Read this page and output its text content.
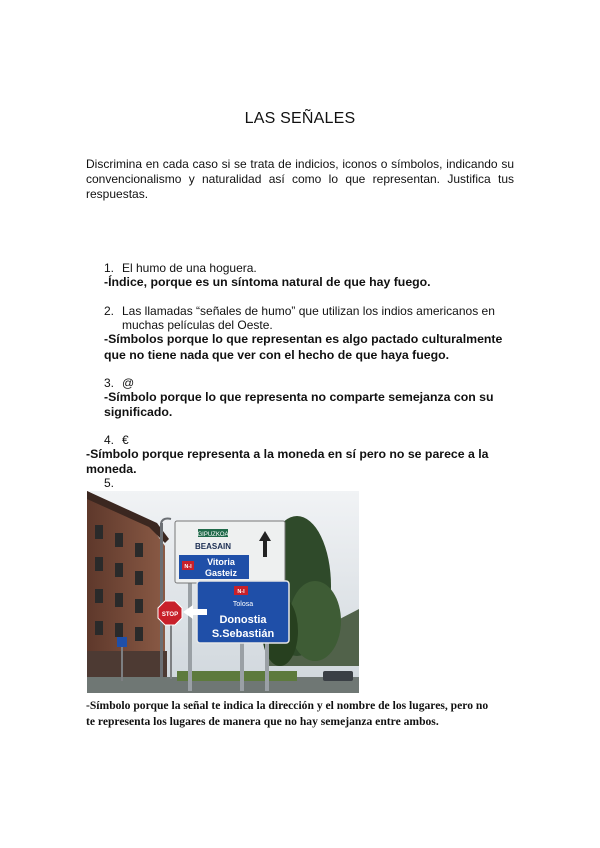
LAS SEÑALES
Discrimina en cada caso si se trata de indicios, iconos o símbolos, indicando su convencionalismo y naturalidad así como lo que representan. Justifica tus respuestas.
1. El humo de una hoguera.
-Índice, porque es un síntoma natural de que hay fuego.
2. Las llamadas “señales de humo” que utilizan los indios americanos en
muchas películas del Oeste.
-Símbolos porque lo que representan es algo pactado culturalmente
que no tiene nada que ver con el hecho de que haya fuego.
3. @
-Símbolo porque lo que representa no comparte semejanza con su
significado.
4. €
-Símbolo porque representa a la moneda en sí pero no se parece a la
moneda.
5.
GIPUZKOA
BEASAIN
N-I Vitoria
Gasteiz
N-I
Tolosa
Donostia
S.Sebastián
STOP
-Símbolo porque la señal te indica la dirección y el nombre de los lugares, pero no
te representa los lugares de manera que no hay semejanza entre ambos.
